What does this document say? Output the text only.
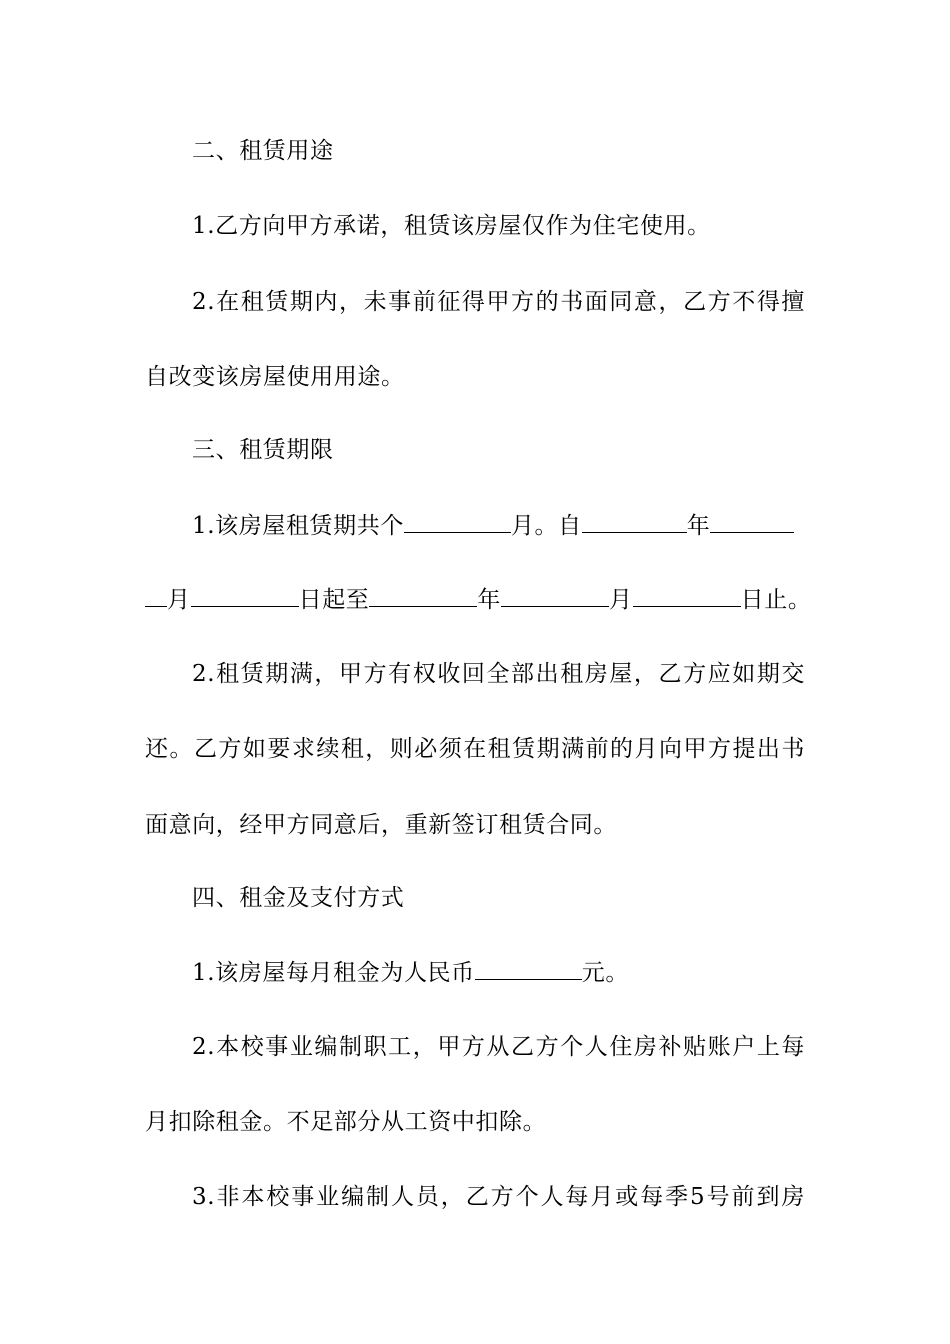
二、租赁用途
1.乙方向甲方承诺，租赁该房屋仅作为住宅使用。
2.在租赁期内，未事前征得甲方的书面同意，乙方不得擅
自改变该房屋使用用途。
三、租赁期限
1.该房屋租赁期共个	月。自	年
月	日起至	年	月	日止。
2.租赁期满，甲方有权收回全部出租房屋，乙方应如期交
还。乙方如要求续租，则必须在租赁期满前的月向甲方提出书
面意向，经甲方同意后，重新签订租赁合同。
四、租金及支付方式
1.该房屋每月租金为人民币	元。
2.本校事业编制职工，甲方从乙方个人住房补贴账户上每
月扣除租金。不足部分从工资中扣除。
3.非本校事业编制人员，乙方个人每月或每季5号前到房
